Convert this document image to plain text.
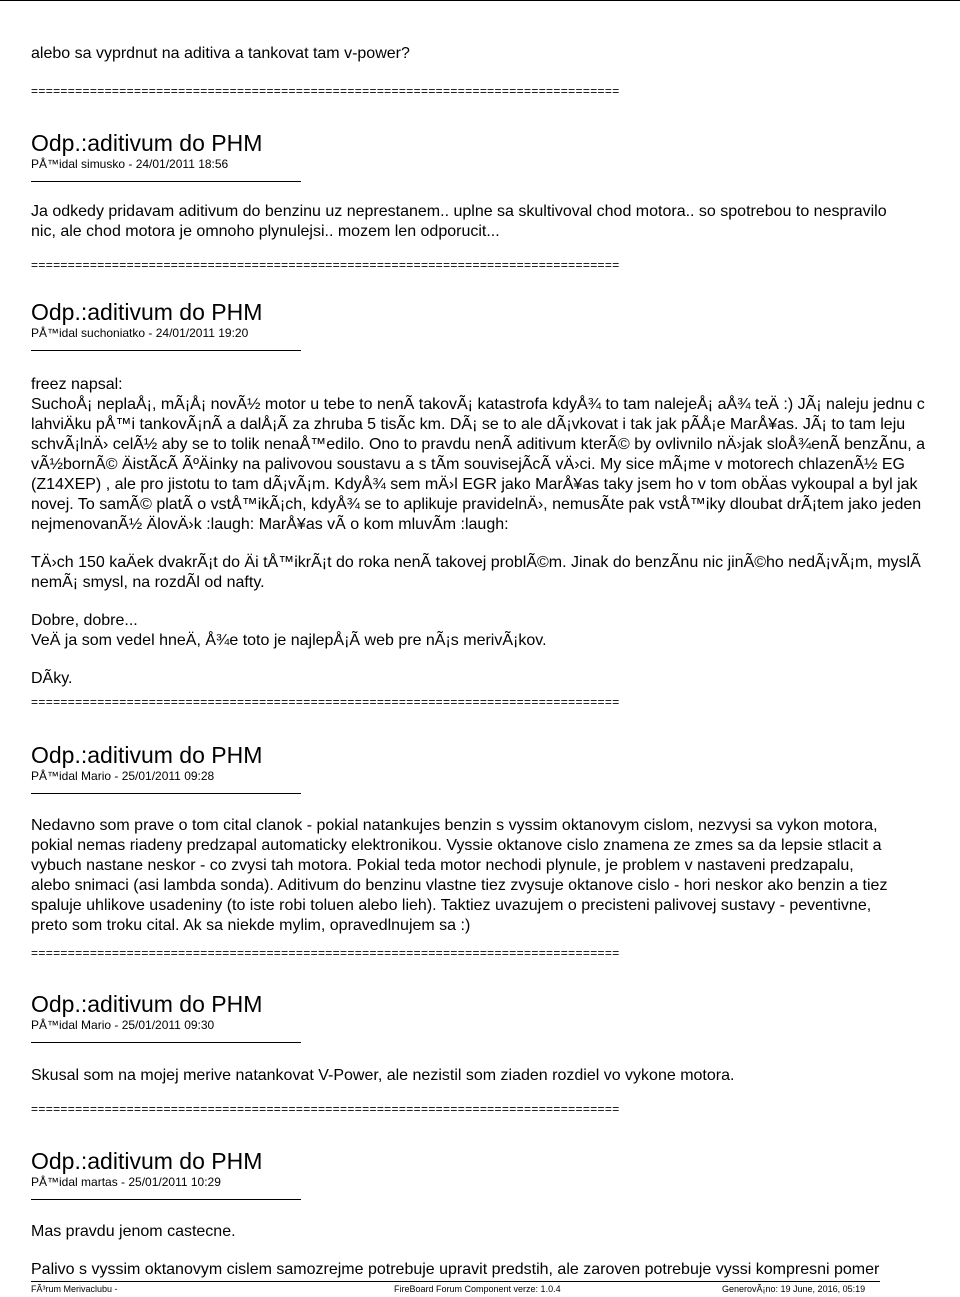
alebo sa vyprdnut na aditiva a tankovat tam v-power?
================================================================================
Odp.:aditivum do PHM
PÅ™idal simusko - 24/01/2011 18:56

Ja odkedy pridavam aditivum do benzinu uz neprestanem.. uplne sa skultivoval chod motora.. so spotrebou to nespravilo
nic, ale chod motora je omnoho plynulejsi.. mozem len odporucit...

================================================================================
Odp.:aditivum do PHM
PÅ™idal suchoniatko - 24/01/2011 19:20

freez napsal:
SuchoÅ¡ neplaÅ¡, mÃ¡Å¡ novÃ½ motor u tebe to nenÃ takovÃ¡ katastrofa kdyÅ¾ to tam nalejeÅ¡ aÅ¾ teÄ :) JÃ¡ naleju jednu c
lahviÄku pÅ™i tankovÃ¡nÃ a dalÅ¡Ã za zhruba 5 tisÃc km. DÃ¡ se to ale dÃ¡vkovat i tak jak pÃÅ¡e MarÅ¥as. JÃ¡ to tam leju
schvÃ¡lnÄ› celÃ½ aby se to tolik nenaÅ™edilo. Ono to pravdu nenÃ aditivum kterÃ© by ovlivnilo nÄ›jak sloÅ¾enÃ benzÃnu, a
vÃ½bornÃ© ÄistÃcÃ ÃºÄinky na palivovou soustavu a s tÃm souvisejÃcÃ vÄ›ci. My sice mÃ¡me v motorech chlazenÃ½ EG
(Z14XEP) , ale pro jistotu to tam dÃ¡vÃ¡m. KdyÅ¾ sem mÄ›l EGR jako MarÅ¥as taky jsem ho v tom obÄas vykoupal a byl jak
novej. To samÃ© platÃ o vstÅ™ikÃ¡ch, kdyÅ¾ se to aplikuje pravidelnÄ›, nemusÃte pak vstÅ™iky dloubat drÃ¡tem jako jeden
nejmenovanÃ½ ÄlovÄ›k :laugh: MarÅ¥as vÃ o kom mluvÃm :laugh:

TÄ›ch 150 kaÄek dvakrÃ¡t do Äi tÅ™ikrÃ¡t do roka nenÃ takovej problÃ©m. Jinak do benzÃnu nic jinÃ©ho nedÃ¡vÃ¡m, myslÃ
nemÃ¡ smysl, na rozdÃl od nafty.

Dobre, dobre...
VeÄ ja som vedel hneÄ, Å¾e toto je najlepÅ¡Ã web pre nÃ¡s merivÃ¡kov.

DÃky.

================================================================================
Odp.:aditivum do PHM
PÅ™idal Mario - 25/01/2011 09:28

Nedavno som prave o tom cital clanok - pokial natankujes benzin s vyssim oktanovym cislom, nezvysi sa vykon motora,
pokial nemas riadeny predzapal automaticky elektronikou. Vyssie oktanove cislo znamena ze zmes sa da lepsie stlacit a
vybuch nastane neskor - co zvysi tah motora. Pokial teda motor nechodi plynule, je problem v nastaveni predzapalu,
alebo snimaci (asi lambda sonda). Aditivum do benzinu vlastne tiez zvysuje oktanove cislo - hori neskor ako benzin a tiez
spaluje uhlikove usadeniny (to iste robi toluen alebo lieh). Taktiez uvazujem o precisteni palivovej sustavy - peventivne,
preto som troku cital. Ak sa niekde mylim, opravedlnujem sa :)

================================================================================
Odp.:aditivum do PHM
PÅ™idal Mario - 25/01/2011 09:30

Skusal som na mojej merive natankovat V-Power, ale nezistil som ziaden rozdiel vo vykone motora.

================================================================================
Odp.:aditivum do PHM
PÅ™idal martas - 25/01/2011 10:29

Mas pravdu jenom castecne.

Palivo s vyssim oktanovym cislem samozrejme potrebuje upravit predstih, ale zaroven potrebuje vyssi kompresni pomer

FÃ³rum Merivaclubu -	FireBoard Forum Component verze: 1.0.4	GenerovÃ¡no: 19 June, 2016, 05:19
